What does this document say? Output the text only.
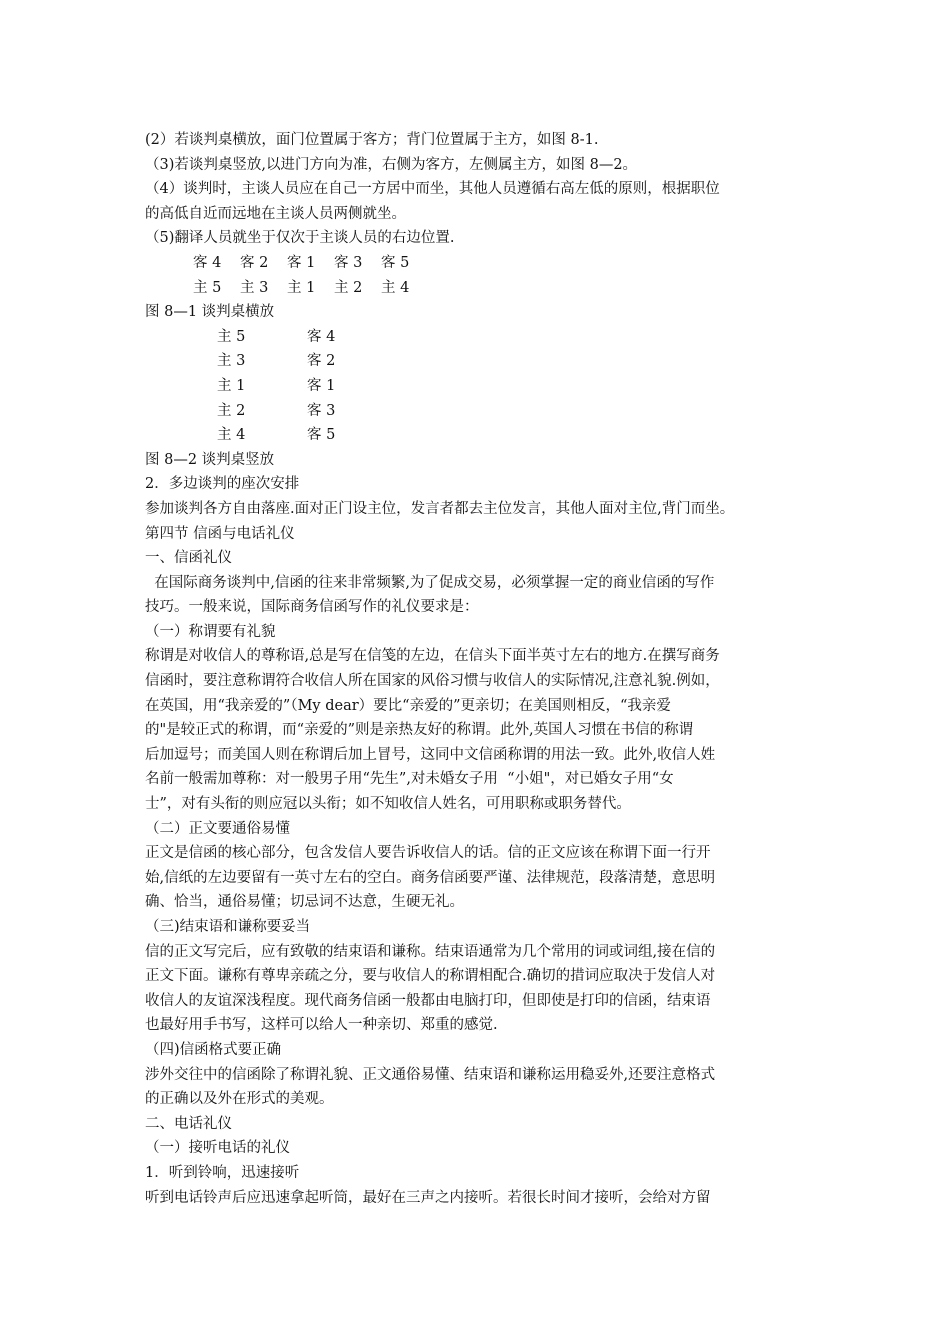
(2）若谈判桌横放，面门位置属于客方；背门位置属于主方，如图 8-1.
（3)若谈判桌竖放,以进门方向为准，右侧为客方，左侧属主方，如图 8—2。
（4）谈判时，主谈人员应在自己一方居中而坐，其他人员遵循右高左低的原则，根据职位
的高低自近而远地在主谈人员两侧就坐。
（5)翻译人员就坐于仅次于主谈人员的右边位置.
客 4 客 2 客 1 客 3 客 5
主 5 主 3 主 1 主 2 主 4
图 8—1 谈判桌横放
主 5	客 4
主 3	客 2
主 1	客 1
主 2	客 3
主 4	客 5
图 8—2 谈判桌竖放
2．多边谈判的座次安排
参加谈判各方自由落座.面对正门设主位，发言者都去主位发言，其他人面对主位,背门而坐。
第四节 信函与电话礼仪
一、信函礼仪
在国际商务谈判中,信函的往来非常频繁,为了促成交易，必须掌握一定的商业信函的写作
技巧。一般来说，国际商务信函写作的礼仪要求是：
（一）称谓要有礼貌
称谓是对收信人的尊称语,总是写在信笺的左边，在信头下面半英寸左右的地方.在撰写商务
信函时，要注意称谓符合收信人所在国家的风俗习惯与收信人的实际情况,注意礼貌.例如，
在英国，用“我亲爱的”（My dear）要比“亲爱的”更亲切；在美国则相反，“我亲爱
的"是较正式的称谓，而“亲爱的”则是亲热友好的称谓。此外,英国人习惯在书信的称谓
后加逗号；而美国人则在称谓后加上冒号，这同中文信函称谓的用法一致。此外,收信人姓
名前一般需加尊称：对一般男子用“先生”,对未婚女子用  “小姐"，对已婚女子用“女
士”，对有头衔的则应冠以头衔；如不知收信人姓名，可用职称或职务替代。
（二）正文要通俗易懂
正文是信函的核心部分，包含发信人要告诉收信人的话。信的正文应该在称谓下面一行开
始,信纸的左边要留有一英寸左右的空白。商务信函要严谨、法律规范，段落清楚，意思明
确、恰当，通俗易懂；切忌词不达意，生硬无礼。
（三)结束语和谦称要妥当
信的正文写完后，应有致敬的结束语和谦称。结束语通常为几个常用的词或词组,接在信的
正文下面。谦称有尊卑亲疏之分，要与收信人的称谓相配合.确切的措词应取决于发信人对
收信人的友谊深浅程度。现代商务信函一般都由电脑打印，但即使是打印的信函，结束语
也最好用手书写，这样可以给人一种亲切、郑重的感觉.
（四)信函格式要正确
涉外交往中的信函除了称谓礼貌、正文通俗易懂、结束语和谦称运用稳妥外,还要注意格式
的正确以及外在形式的美观。
二、电话礼仪
（一）接听电话的礼仪
1．听到铃响，迅速接听
听到电话铃声后应迅速拿起听筒，最好在三声之内接听。若很长时间才接听，会给对方留
